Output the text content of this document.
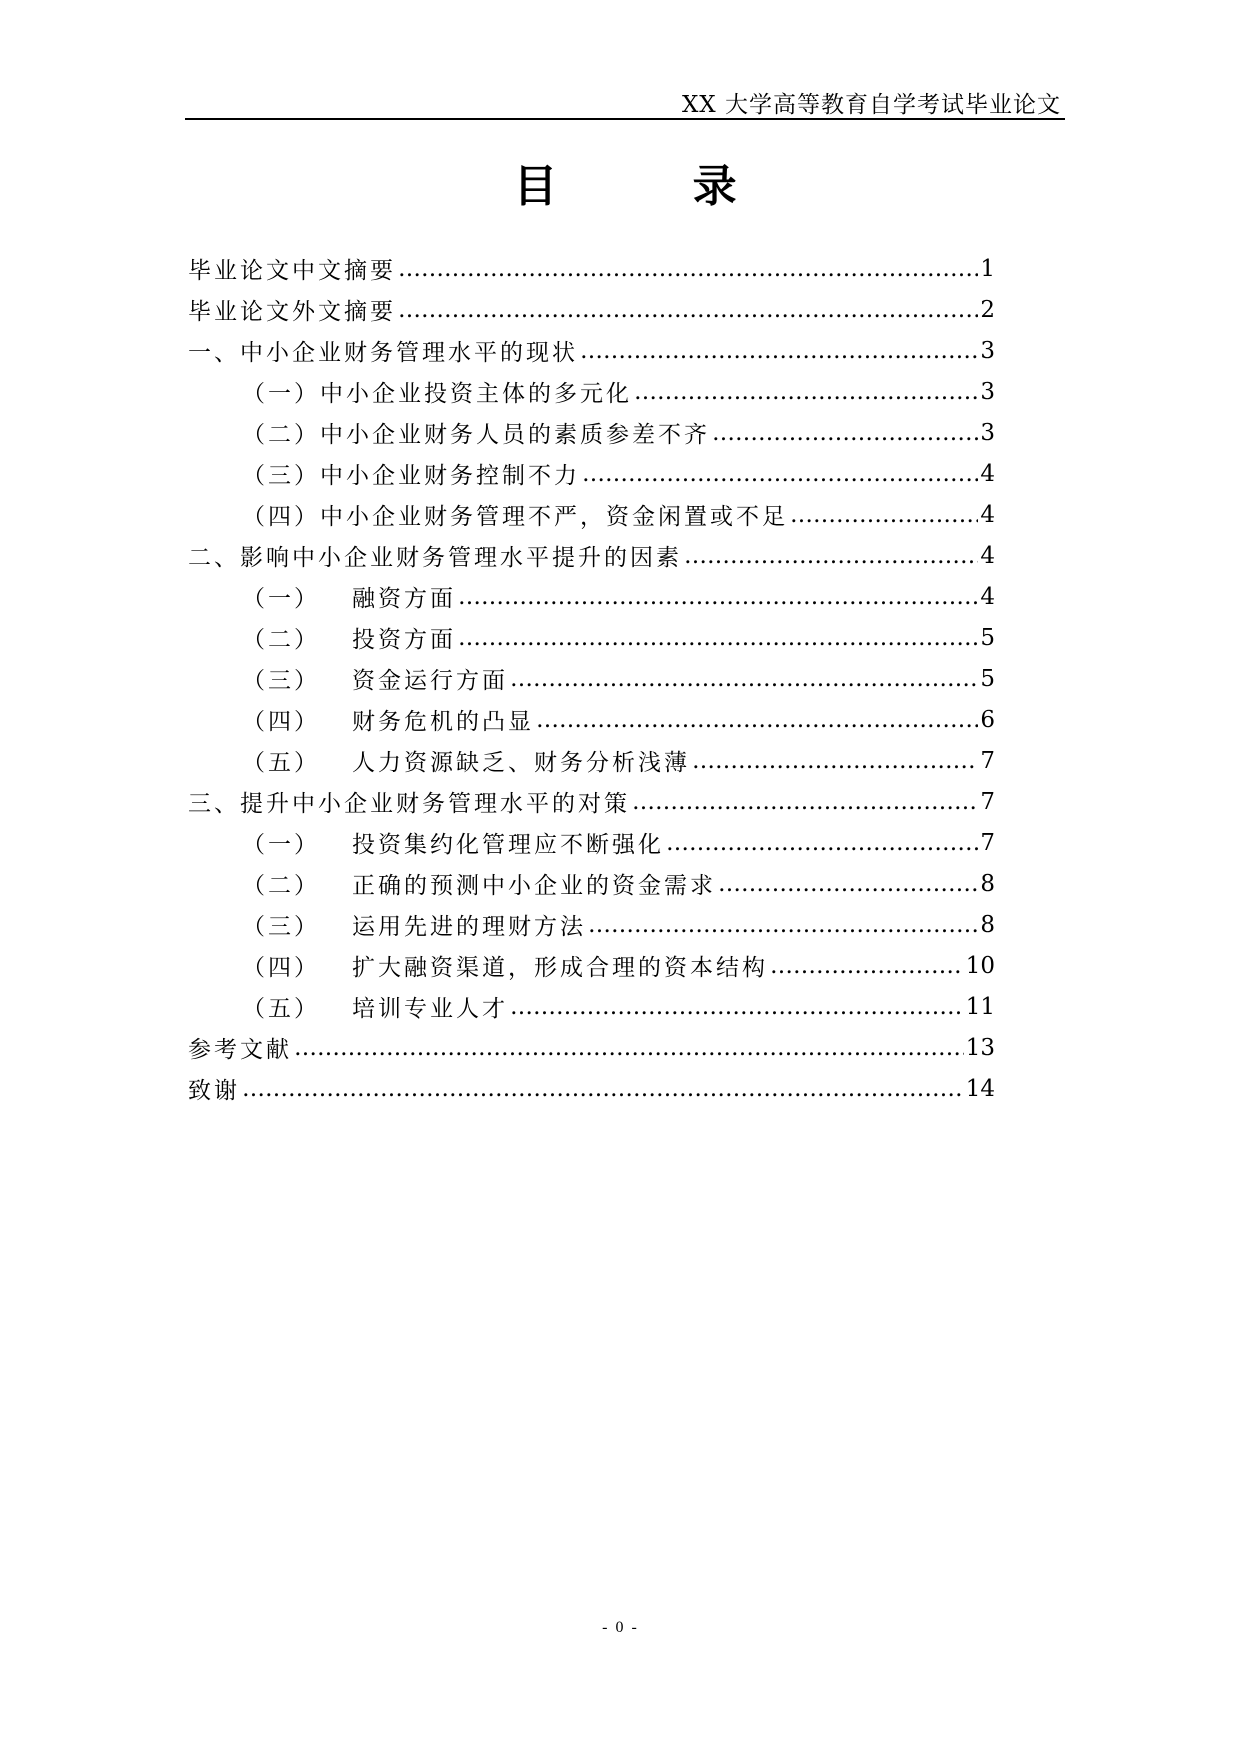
XX 大学高等教育自学考试毕业论文
目 录
毕业论文中文摘要 …………………………………………………………………………………………………………………………………………………………………………	1
毕业论文外文摘要 …………………………………………………………………………………………………………………………………………………………………………	2
一、中小企业财务管理水平的现状 …………………………………………………………………………………………………………………………………………………………………………	3
（一）中小企业投资主体的多元化 …………………………………………………………………………………………………………………………………………………………………………	3
（二）中小企业财务人员的素质参差不齐 …………………………………………………………………………………………………………………………………………………………………………	3
（三）中小企业财务控制不力 …………………………………………………………………………………………………………………………………………………………………………	4
（四）中小企业财务管理不严，资金闲置或不足 …………………………………………………………………………………………………………………………………………………………………………	4
二、影响中小企业财务管理水平提升的因素 …………………………………………………………………………………………………………………………………………………………………………	4
（一）	融资方面 …………………………………………………………………………………………………………………………………………………………………………	4
（二）	投资方面 …………………………………………………………………………………………………………………………………………………………………………	5
（三）	资金运行方面 …………………………………………………………………………………………………………………………………………………………………………	5
（四）	财务危机的凸显 …………………………………………………………………………………………………………………………………………………………………………	6
（五）	人力资源缺乏、财务分析浅薄 …………………………………………………………………………………………………………………………………………………………………………	7
三、提升中小企业财务管理水平的对策 …………………………………………………………………………………………………………………………………………………………………………	7
（一）	投资集约化管理应不断强化 …………………………………………………………………………………………………………………………………………………………………………	7
（二）	正确的预测中小企业的资金需求 …………………………………………………………………………………………………………………………………………………………………………	8
（三）	运用先进的理财方法 …………………………………………………………………………………………………………………………………………………………………………	8
（四）	扩大融资渠道，形成合理的资本结构 …………………………………………………………………………………………………………………………………………………………………………	10
（五）	培训专业人才 …………………………………………………………………………………………………………………………………………………………………………	11
参考文献 …………………………………………………………………………………………………………………………………………………………………………	13
致谢 …………………………………………………………………………………………………………………………………………………………………………	14
- 0 -
